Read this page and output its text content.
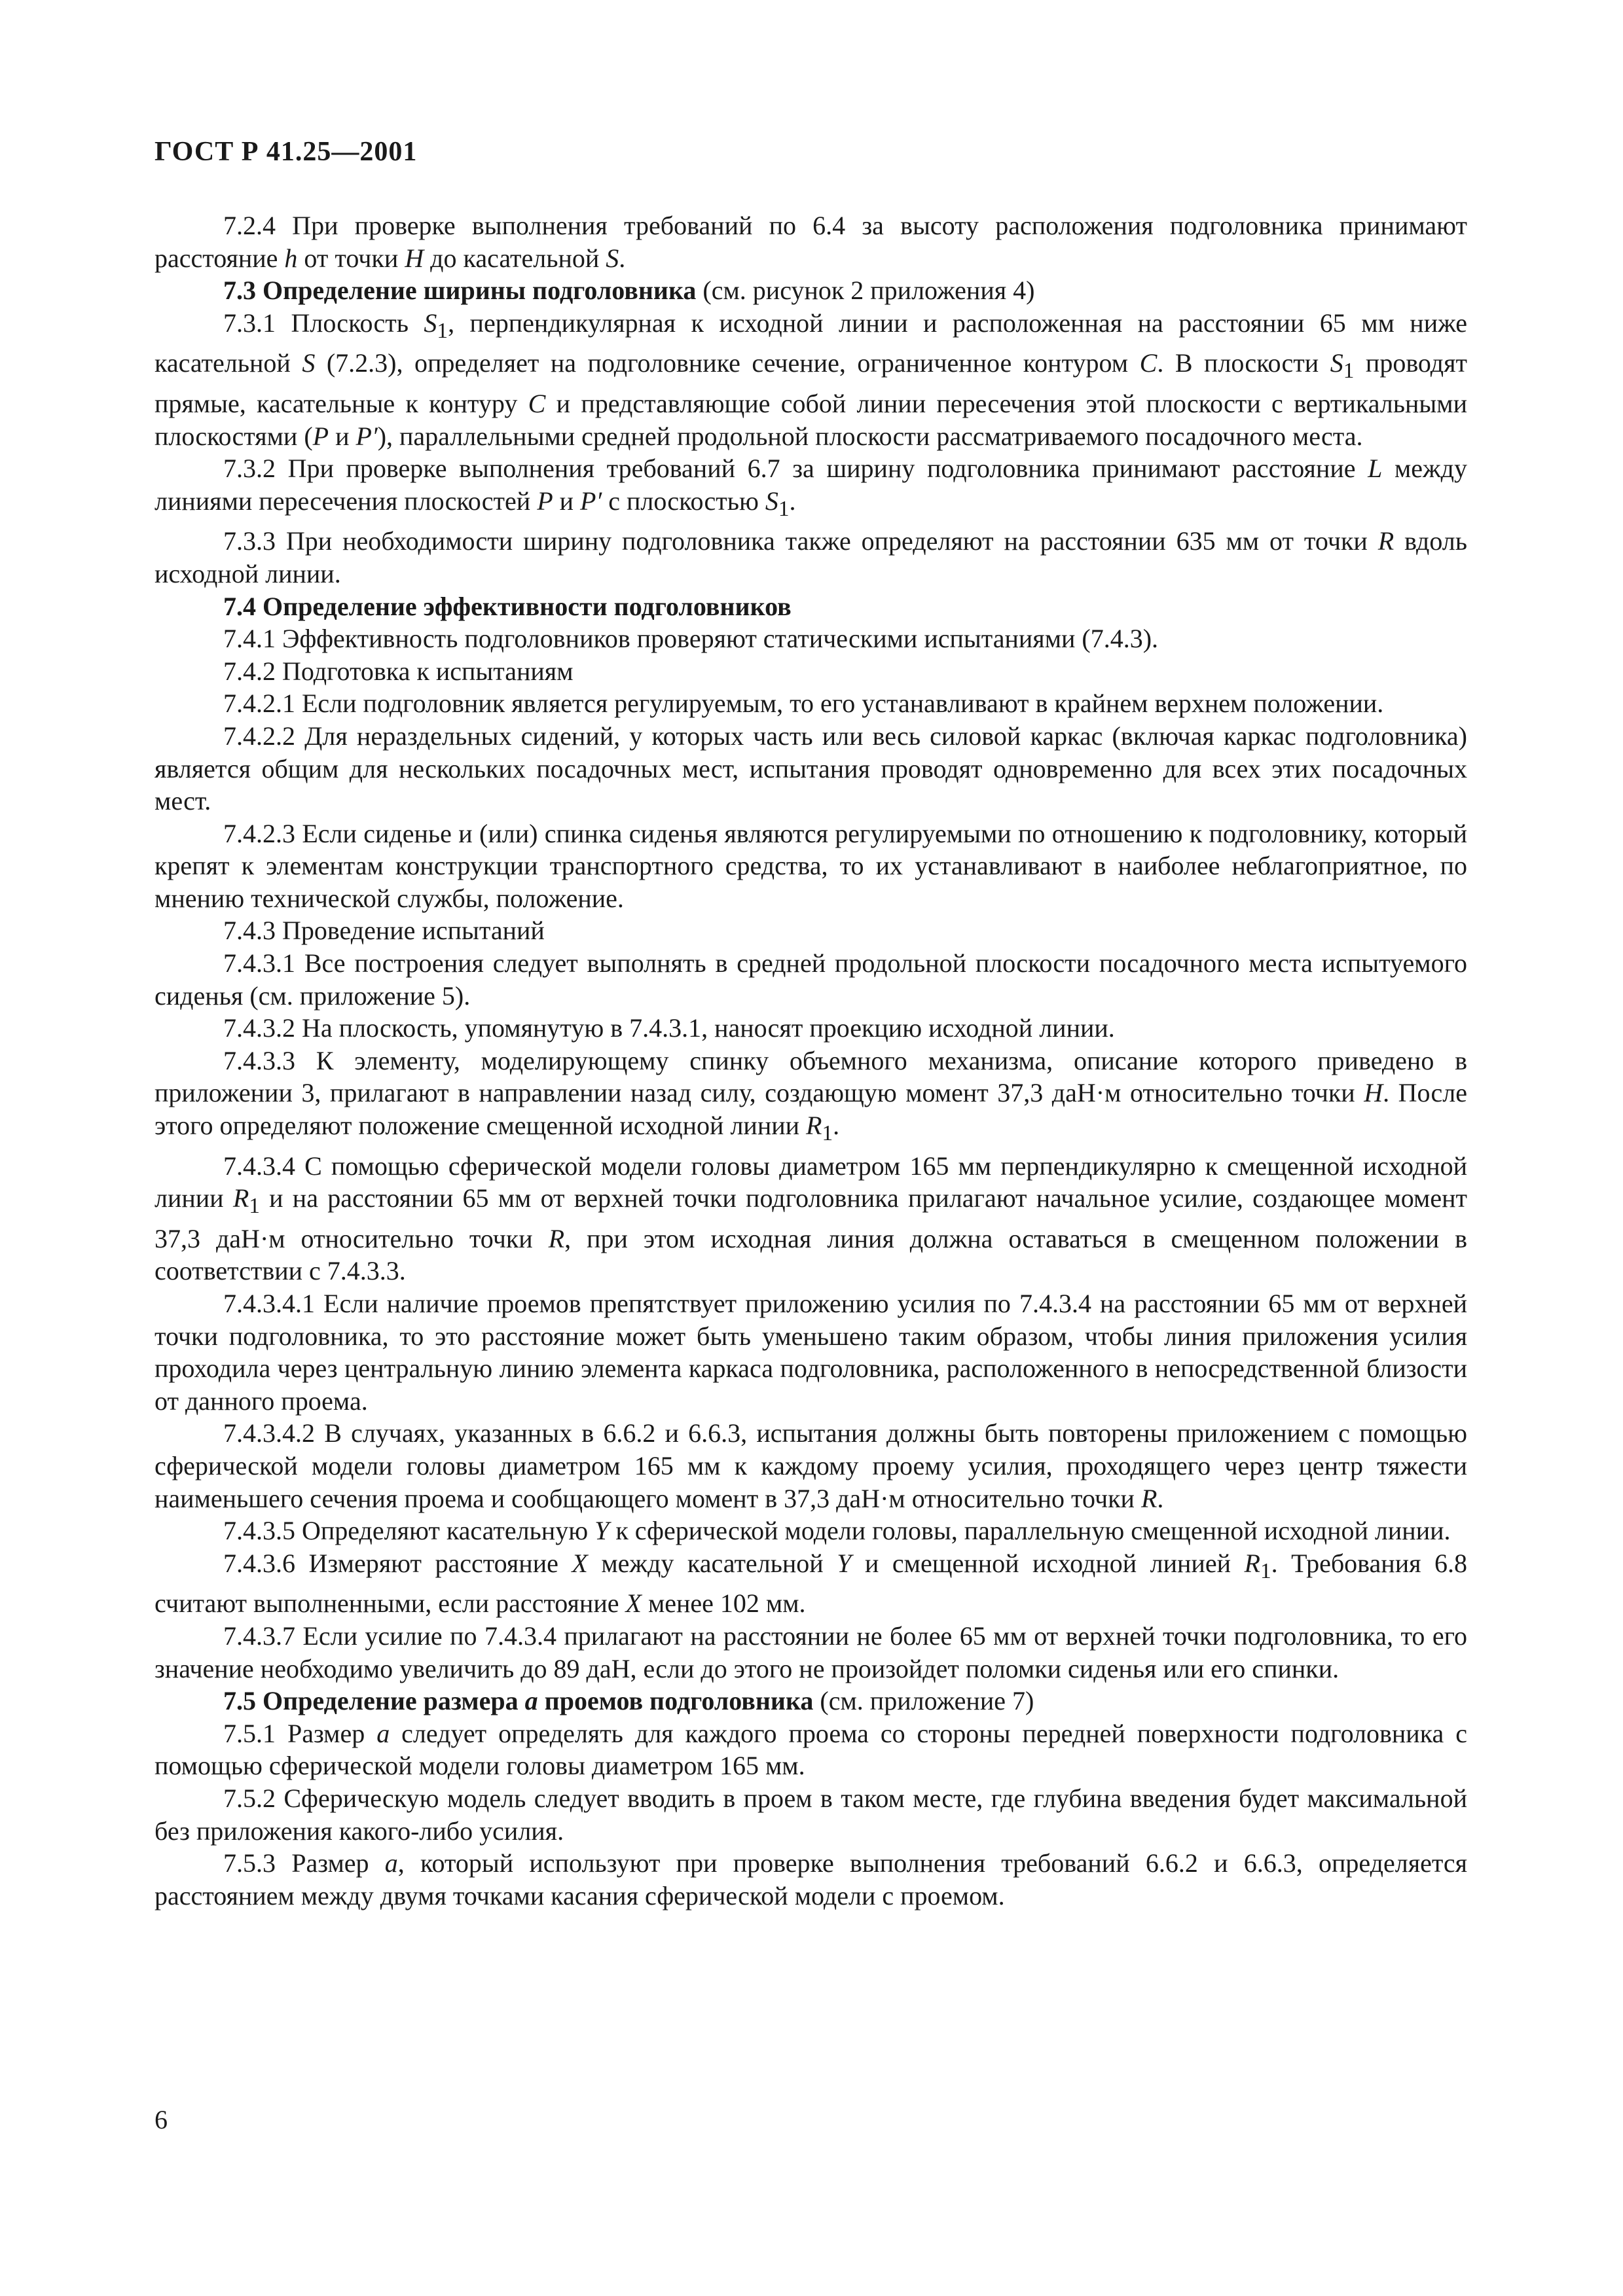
ГОСТ Р 41.25—2001

7.2.4 При проверке выполнения требований по 6.4 за высоту расположения подголовника принимают расстояние h от точки H до касательной S.

7.3 Определение ширины подголовника (см. рисунок 2 приложения 4)

7.3.1 Плоскость $S_1$, перпендикулярная к исходной линии и расположенная на расстоянии 65 мм ниже касательной S (7.2.3), определяет на подголовнике сечение, ограниченное контуром C. В плоскости $S_1$ проводят прямые, касательные к контуру C и представляющие собой линии пересечения этой плоскости с вертикальными плоскостями (P и P′), параллельными средней продольной плоскости рассматриваемого посадочного места.

7.3.2 При проверке выполнения требований 6.7 за ширину подголовника принимают расстояние L между линиями пересечения плоскостей P и P′ с плоскостью $S_1$.

7.3.3 При необходимости ширину подголовника также определяют на расстоянии 635 мм от точки R вдоль исходной линии.

7.4 Определение эффективности подголовников

7.4.1 Эффективность подголовников проверяют статическими испытаниями (7.4.3).

7.4.2 Подготовка к испытаниям

7.4.2.1 Если подголовник является регулируемым, то его устанавливают в крайнем верхнем положении.

7.4.2.2 Для нераздельных сидений, у которых часть или весь силовой каркас (включая каркас подголовника) является общим для нескольких посадочных мест, испытания проводят одновременно для всех этих посадочных мест.

7.4.2.3 Если сиденье и (или) спинка сиденья являются регулируемыми по отношению к подголовнику, который крепят к элементам конструкции транспортного средства, то их устанавливают в наиболее неблагоприятное, по мнению технической службы, положение.

7.4.3 Проведение испытаний

7.4.3.1 Все построения следует выполнять в средней продольной плоскости посадочного места испытуемого сиденья (см. приложение 5).

7.4.3.2 На плоскость, упомянутую в 7.4.3.1, наносят проекцию исходной линии.

7.4.3.3 К элементу, моделирующему спинку объемного механизма, описание которого приведено в приложении 3, прилагают в направлении назад силу, создающую момент 37,3 даН·м относительно точки H. После этого определяют положение смещенной исходной линии $R_1$.

7.4.3.4 С помощью сферической модели головы диаметром 165 мм перпендикулярно к смещенной исходной линии $R_1$ и на расстоянии 65 мм от верхней точки подголовника прилагают начальное усилие, создающее момент 37,3 даН·м относительно точки R, при этом исходная линия должна оставаться в смещенном положении в соответствии с 7.4.3.3.

7.4.3.4.1 Если наличие проемов препятствует приложению усилия по 7.4.3.4 на расстоянии 65 мм от верхней точки подголовника, то это расстояние может быть уменьшено таким образом, чтобы линия приложения усилия проходила через центральную линию элемента каркаса подголовника, расположенного в непосредственной близости от данного проема.

7.4.3.4.2 В случаях, указанных в 6.6.2 и 6.6.3, испытания должны быть повторены приложением с помощью сферической модели головы диаметром 165 мм к каждому проему усилия, проходящего через центр тяжести наименьшего сечения проема и сообщающего момент в 37,3 даН·м относительно точки R.

7.4.3.5 Определяют касательную Y к сферической модели головы, параллельную смещенной исходной линии.

7.4.3.6 Измеряют расстояние X между касательной Y и смещенной исходной линией $R_1$. Требования 6.8 считают выполненными, если расстояние X менее 102 мм.

7.4.3.7 Если усилие по 7.4.3.4 прилагают на расстоянии не более 65 мм от верхней точки подголовника, то его значение необходимо увеличить до 89 даН, если до этого не произойдет поломки сиденья или его спинки.

7.5 Определение размера a проемов подголовника (см. приложение 7)

7.5.1 Размер a следует определять для каждого проема со стороны передней поверхности подголовника с помощью сферической модели головы диаметром 165 мм.

7.5.2 Сферическую модель следует вводить в проем в таком месте, где глубина введения будет максимальной без приложения какого-либо усилия.

7.5.3 Размер a, который используют при проверке выполнения требований 6.6.2 и 6.6.3, определяется расстоянием между двумя точками касания сферической модели с проемом.

6
